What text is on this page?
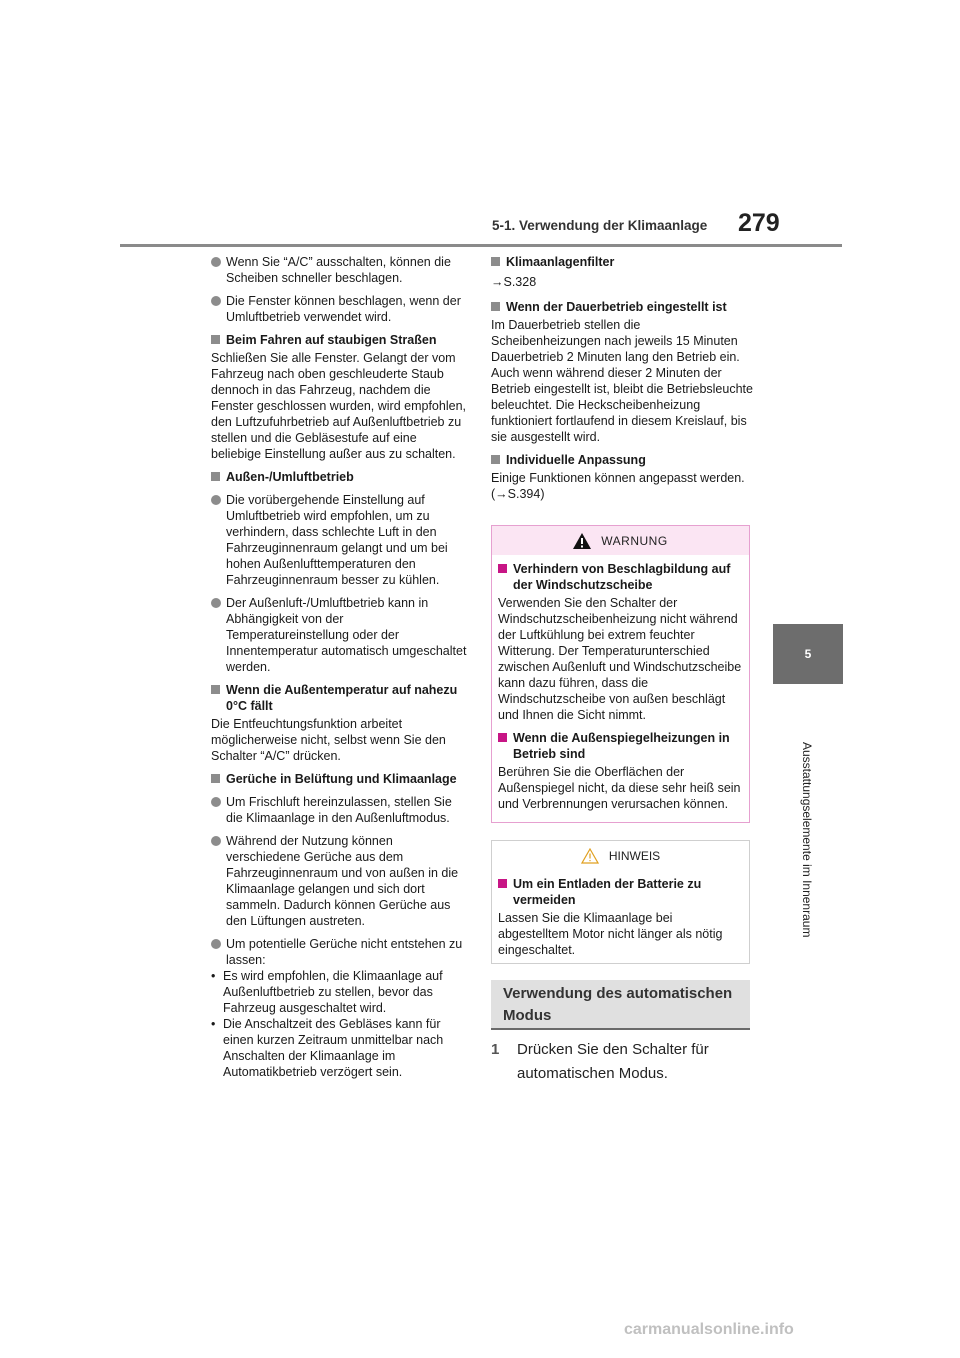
5-1. Verwendung der Klimaanlage 279
5
Ausstattungselemente im Innenraum
Wenn Sie “A/C” ausschalten, können die Scheiben schneller beschlagen.
Die Fenster können beschlagen, wenn der Umluftbetrieb verwendet wird.
Beim Fahren auf staubigen Straßen

Schließen Sie alle Fenster. Gelangt der vom Fahrzeug nach oben geschleuderte Staub dennoch in das Fahrzeug, nachdem die Fenster geschlossen wurden, wird empfohlen, den Luftzufuhrbetrieb auf Außenluftbetrieb zu stellen und die Gebläsestufe auf eine beliebige Einstellung außer aus zu schalten.

Außen-/Umluftbetrieb
Die vorübergehende Einstellung auf Umluftbetrieb wird empfohlen, um zu verhindern, dass schlechte Luft in den Fahrzeuginnenraum gelangt und um bei hohen Außenlufttemperaturen den Fahrzeuginnenraum besser zu kühlen.
Der Außenluft-/Umluftbetrieb kann in Abhängigkeit von der Temperatureinstellung oder der Innentemperatur automatisch umgeschaltet werden.
Wenn die Außentemperatur auf nahezu 0°C fällt

Die Entfeuchtungsfunktion arbeitet möglicherweise nicht, selbst wenn Sie den Schalter “A/C” drücken.

Gerüche in Belüftung und Klimaanlage
Um Frischluft hereinzulassen, stellen Sie die Klimaanlage in den Außenluftmodus.
Während der Nutzung können verschiedene Gerüche aus dem Fahrzeuginnenraum und von außen in die Klimaanlage gelangen und sich dort sammeln. Dadurch können Gerüche aus den Lüftungen austreten.
Um potentielle Gerüche nicht entstehen zu lassen:
• Es wird empfohlen, die Klimaanlage auf Außenluftbetrieb zu stellen, bevor das Fahrzeug ausgeschaltet wird.
• Die Anschaltzeit des Gebläses kann für einen kurzen Zeitraum unmittelbar nach Anschalten der Klimaanlage im Automatikbetrieb verzögert sein.
Klimaanlagenfilter

→S.328

Wenn der Dauerbetrieb eingestellt ist

Im Dauerbetrieb stellen die Scheibenheizungen nach jeweils 15 Minuten Dauerbetrieb 2 Minuten lang den Betrieb ein. Auch wenn während dieser 2 Minuten der Betrieb eingestellt ist, bleibt die Betriebsleuchte beleuchtet. Die Heckscheibenheizung funktioniert fortlaufend in diesem Kreislauf, bis sie ausgestellt wird.

Individuelle Anpassung

Einige Funktionen können angepasst werden. (→S.394)

WARNUNG
Verhindern von Beschlagbildung auf der Windschutzscheibe

Verwenden Sie den Schalter der Windschutzscheibenheizung nicht während der Luftkühlung bei extrem feuchter Witterung. Der Temperaturunterschied zwischen Außenluft und Windschutzscheibe kann dazu führen, dass die Windschutzscheibe von außen beschlägt und Ihnen die Sicht nimmt.

Wenn die Außenspiegelheizungen in Betrieb sind

Berühren Sie die Oberflächen der Außenspiegel nicht, da diese sehr heiß sein und Verbrennungen verursachen können.

HINWEIS
Um ein Entladen der Batterie zu vermeiden

Lassen Sie die Klimaanlage bei abgestelltem Motor nicht länger als nötig eingeschaltet.

Verwendung des automatischen Modus
1	Drücken Sie den Schalter für automatischen Modus.
carmanualsonline.info
